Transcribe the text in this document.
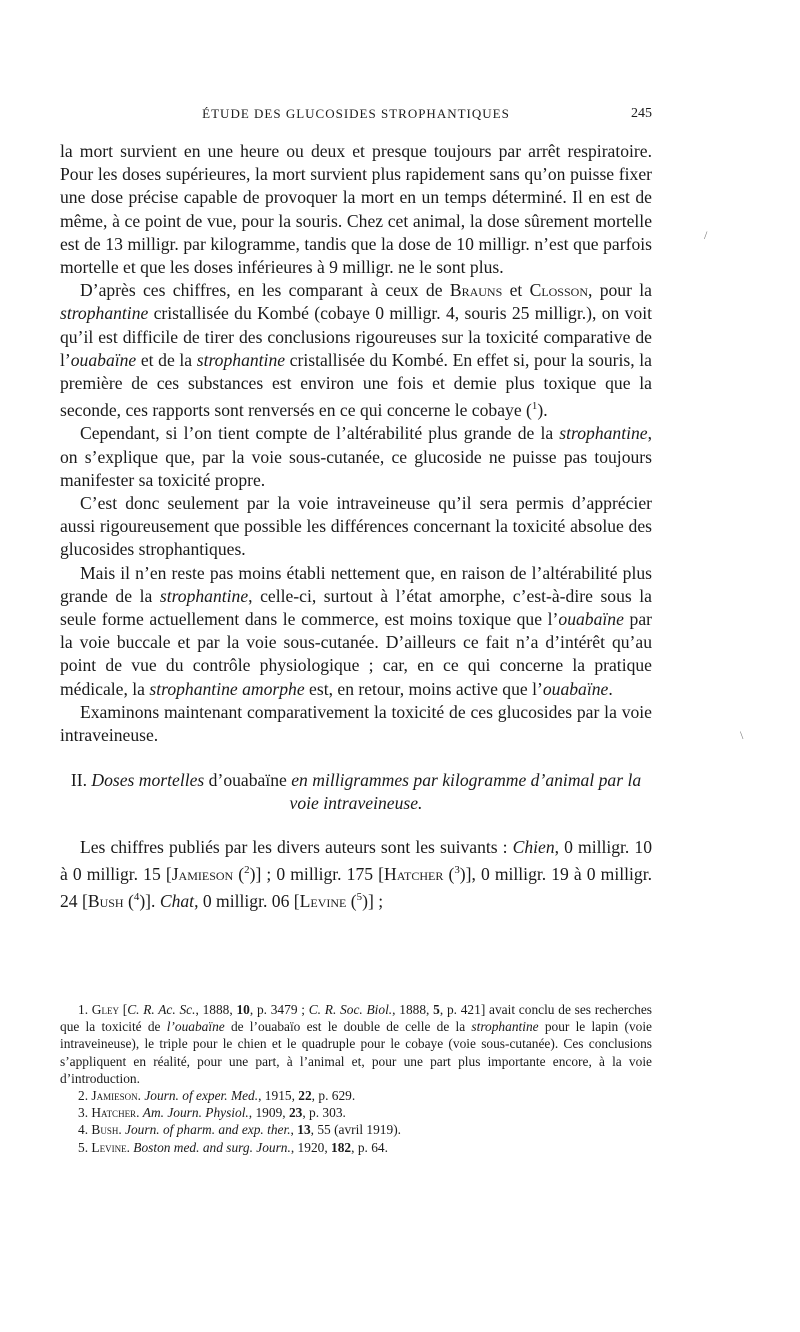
ÉTUDE DES GLUCOSIDES STROPHANTIQUES	245

la mort survient en une heure ou deux et presque toujours par arrêt respiratoire. Pour les doses supérieures, la mort survient plus rapidement sans qu’on puisse fixer une dose précise capable de provoquer la mort en un temps déterminé. Il en est de même, à ce point de vue, pour la souris. Chez cet animal, la dose sûrement mortelle est de 13 milligr. par kilogramme, tandis que la dose de 10 milligr. n’est que parfois mortelle et que les doses inférieures à 9 milligr. ne le sont plus.

D’après ces chiffres, en les comparant à ceux de Brauns et Closson, pour la strophantine cristallisée du Kombé (cobaye 0 milligr. 4, souris 25 milligr.), on voit qu’il est difficile de tirer des conclusions rigoureuses sur la toxicité comparative de l’ouabaïne et de la strophantine cristallisée du Kombé. En effet si, pour la souris, la première de ces substances est environ une fois et demie plus toxique que la seconde, ces rapports sont renversés en ce qui concerne le cobaye ($^1$).

Cependant, si l’on tient compte de l’altérabilité plus grande de la strophantine, on s’explique que, par la voie sous-cutanée, ce glucoside ne puisse pas toujours manifester sa toxicité propre.

C’est donc seulement par la voie intraveineuse qu’il sera permis d’apprécier aussi rigoureusement que possible les différences concernant la toxicité absolue des glucosides strophantiques.

Mais il n’en reste pas moins établi nettement que, en raison de l’altérabilité plus grande de la strophantine, celle-ci, surtout à l’état amorphe, c’est-à-dire sous la seule forme actuellement dans le commerce, est moins toxique que l’ouabaïne par la voie buccale et par la voie sous-cutanée. D’ailleurs ce fait n’a d’intérêt qu’au point de vue du contrôle physiologique ; car, en ce qui concerne la pratique médicale, la strophantine amorphe est, en retour, moins active que l’ouabaïne.

Examinons maintenant comparativement la toxicité de ces glucosides par la voie intraveineuse.

II. Doses mortelles d’ouabaïne en milligrammes par kilogramme d’animal par la voie intraveineuse.

Les chiffres publiés par les divers auteurs sont les suivants : Chien, 0 milligr. 10 à 0 milligr. 15 [Jamieson ($^2$)] ; 0 milligr. 175 [Hatcher ($^3$)], 0 milligr. 19 à 0 milligr. 24 [Bush ($^4$)]. Chat, 0 milligr. 06 [Levine ($^5$)] ;

1. Gley [C. R. Ac. Sc., 1888, 10, p. 3479 ; C. R. Soc. Biol., 1888, 5, p. 421] avait conclu de ses recherches que la toxicité de l’ouabaïne de l’ouabaïo est le double de celle de la strophantine pour le lapin (voie intraveineuse), le triple pour le chien et le quadruple pour le cobaye (voie sous-cutanée). Ces conclusions s’appliquent en réalité, pour une part, à l’animal et, pour une part plus importante encore, à la voie d’introduction.

2. Jamieson. Journ. of exper. Med., 1915, 22, p. 629.

3. Hatcher. Am. Journ. Physiol., 1909, 23, p. 303.

4. Bush. Journ. of pharm. and exp. ther., 13, 55 (avril 1919).

5. Levine. Boston med. and surg. Journ., 1920, 182, p. 64.

/
\
